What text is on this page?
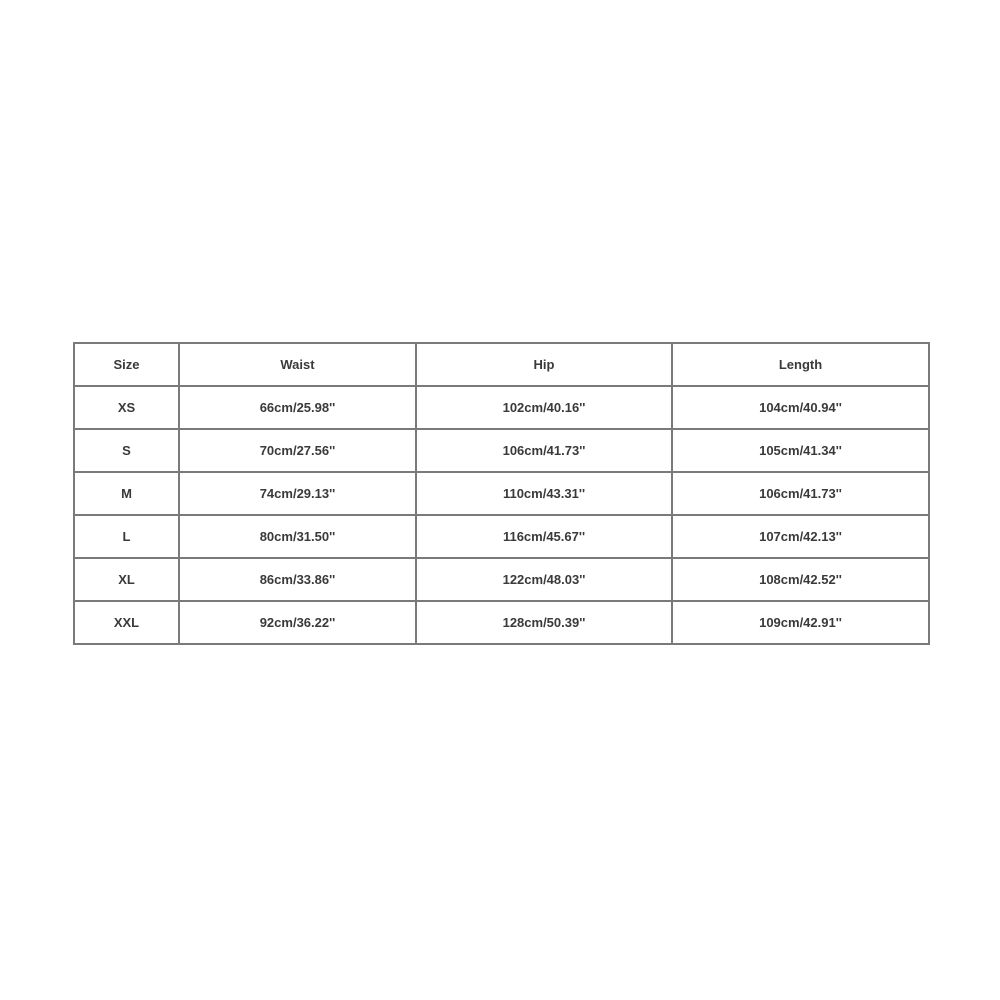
Size	Waist	Hip	Length
XS	66cm/25.98''	102cm/40.16''	104cm/40.94''
S	70cm/27.56''	106cm/41.73''	105cm/41.34''
M	74cm/29.13''	110cm/43.31''	106cm/41.73''
L	80cm/31.50''	116cm/45.67''	107cm/42.13''
XL	86cm/33.86''	122cm/48.03''	108cm/42.52''
XXL	92cm/36.22''	128cm/50.39''	109cm/42.91''
